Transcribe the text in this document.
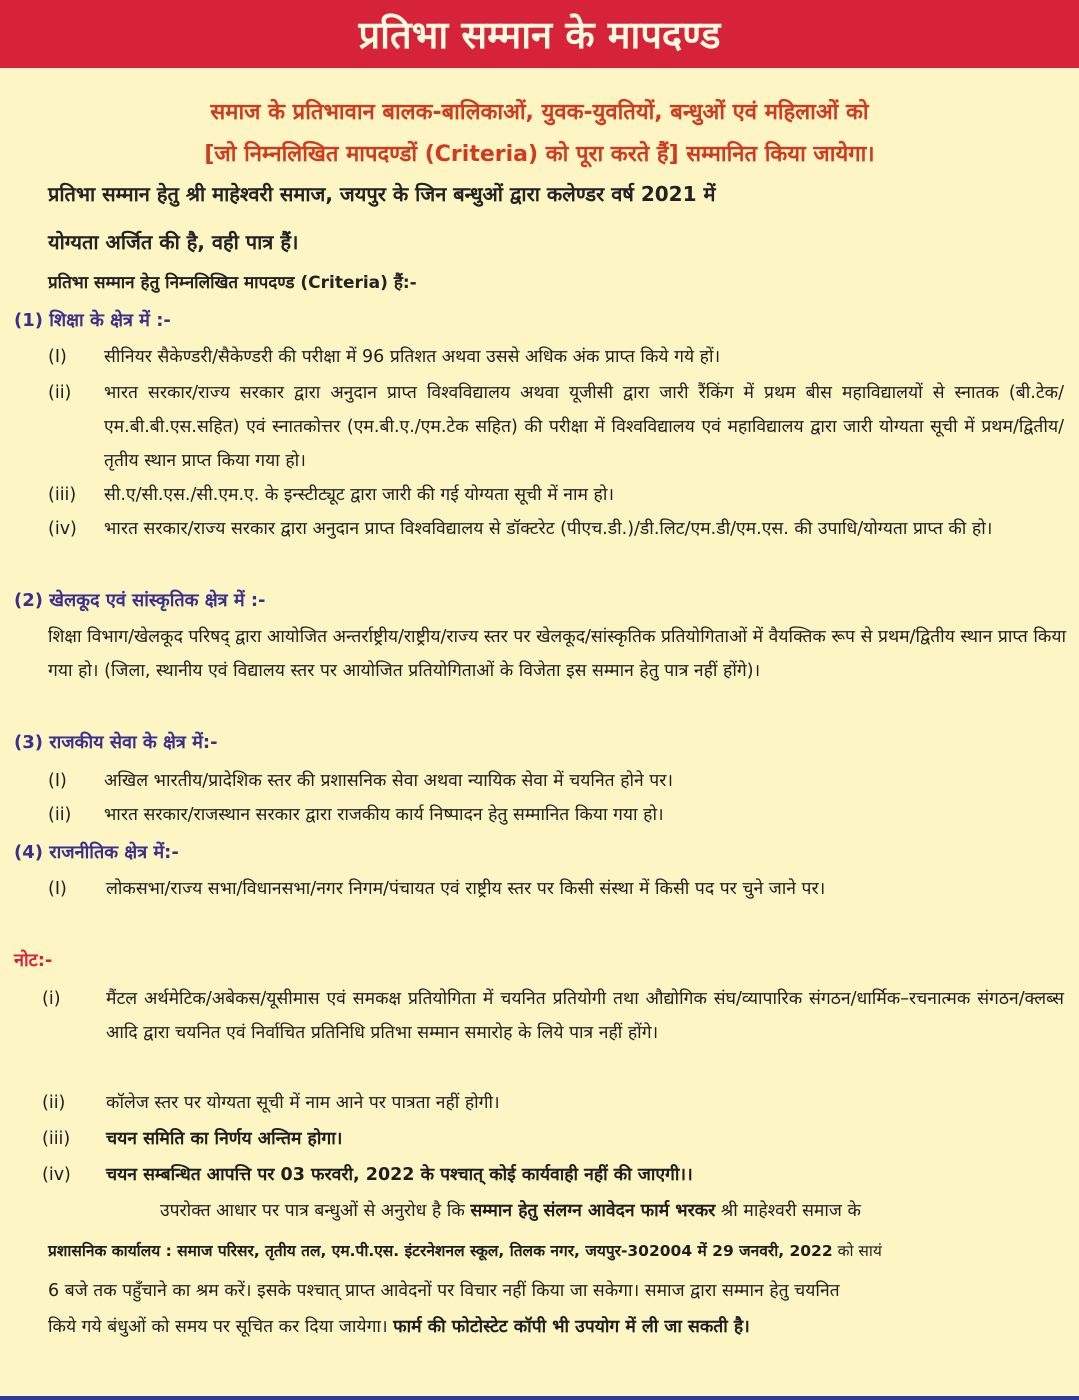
प्रतिभा सम्मान के मापदण्ड
समाज के प्रतिभावान बालक-बालिकाओं, युवक-युवतियों, बन्धुओं एवं महिलाओं को
[जो निम्नलिखित मापदण्डों (Criteria) को पूरा करते हैं] सम्मानित किया जायेगा।
प्रतिभा सम्मान हेतु श्री माहेश्वरी समाज, जयपुर के जिन बन्धुओं द्वारा कलेण्डर वर्ष 2021 में
योग्यता अर्जित की है, वही पात्र हैं।
प्रतिभा सम्मान हेतु निम्नलिखित मापदण्ड (Criteria) हैं:-
(1) शिक्षा के क्षेत्र में :-
(I) सीनियर सैकेण्डरी/सैकेण्डरी की परीक्षा में 96 प्रतिशत अथवा उससे अधिक अंक प्राप्त किये गये हों।
(ii) भारत सरकार/राज्य सरकार द्वारा अनुदान प्राप्त विश्वविद्यालय अथवा यूजीसी द्वारा जारी रैंकिंग में प्रथम बीस महाविद्यालयों से स्नातक (बी.टेक/एम.बी.बी.एस.सहित) एवं स्नातकोत्तर (एम.बी.ए./एम.टेक सहित) की परीक्षा में विश्वविद्यालय एवं महाविद्यालय द्वारा जारी योग्यता सूची में प्रथम/द्वितीय/तृतीय स्थान प्राप्त किया गया हो।
(iii) सी.ए/सी.एस./सी.एम.ए. के इन्स्टीट्यूट द्वारा जारी की गई योग्यता सूची में नाम हो।
(iv) भारत सरकार/राज्य सरकार द्वारा अनुदान प्राप्त विश्वविद्यालय से डॉक्टरेट (पीएच.डी.)/डी.लिट/एम.डी/एम.एस. की उपाधि/योग्यता प्राप्त की हो।
(2) खेलकूद एवं सांस्कृतिक क्षेत्र में :-
शिक्षा विभाग/खेलकूद परिषद् द्वारा आयोजित अन्तर्राष्ट्रीय/राष्ट्रीय/राज्य स्तर पर खेलकूद/सांस्कृतिक प्रतियोगिताओं में वैयक्तिक रूप से प्रथम/द्वितीय स्थान प्राप्त किया गया हो। (जिला, स्थानीय एवं विद्यालय स्तर पर आयोजित प्रतियोगिताओं के विजेता इस सम्मान हेतु पात्र नहीं होंगे)।
(3) राजकीय सेवा के क्षेत्र में:-
(I) अखिल भारतीय/प्रादेशिक स्तर की प्रशासनिक सेवा अथवा न्यायिक सेवा में चयनित होने पर।
(ii) भारत सरकार/राजस्थान सरकार द्वारा राजकीय कार्य निष्पादन हेतु सम्मानित किया गया हो।
(4) राजनीतिक क्षेत्र में:-
(I) लोकसभा/राज्य सभा/विधानसभा/नगर निगम/पंचायत एवं राष्ट्रीय स्तर पर किसी संस्था में किसी पद पर चुने जाने पर।
नोट:-
(i)	मैंटल अर्थमेटिक/अबेकस/यूसीमास एवं समकक्ष प्रतियोगिता में चयनित प्रतियोगी तथा औद्योगिक संघ/व्यापारिक संगठन/धार्मिक–रचनात्मक संगठन/क्लब्स आदि द्वारा चयनित एवं निर्वाचित प्रतिनिधि प्रतिभा सम्मान समारोह के लिये पात्र नहीं होंगे।
(ii) कॉलेज स्तर पर योग्यता सूची में नाम आने पर पात्रता नहीं होगी।
(iii) चयन समिति का निर्णय अन्तिम होगा।
(iv) चयन सम्बन्धित आपत्ति पर 03 फरवरी, 2022 के पश्चात् कोई कार्यवाही नहीं की जाएगी।।
उपरोक्त आधार पर पात्र बन्धुओं से अनुरोध है कि सम्मान हेतु संलग्न आवेदन फार्म भरकर श्री माहेश्वरी समाज के
प्रशासनिक कार्यालय : समाज परिसर, तृतीय तल, एम.पी.एस. इंटरनेशनल स्कूल, तिलक नगर, जयपुर-302004 में 29 जनवरी, 2022 को सायं
6 बजे तक पहुँचाने का श्रम करें। इसके पश्चात् प्राप्त आवेदनों पर विचार नहीं किया जा सकेगा। समाज द्वारा सम्मान हेतु चयनित
किये गये बंधुओं को समय पर सूचित कर दिया जायेगा। फार्म की फोटोस्टेट कॉपी भी उपयोग में ली जा सकती है।
